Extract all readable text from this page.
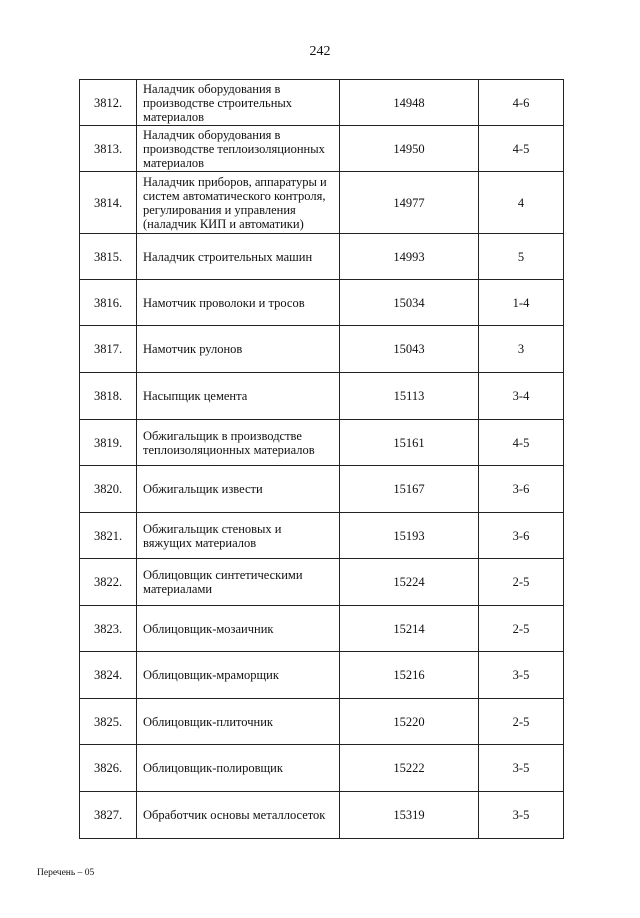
242
3812.	Наладчик оборудования в производстве строительных материалов	14948	4-6
3813.	Наладчик оборудования в производстве теплоизоляционных материалов	14950	4-5
3814.	Наладчик приборов, аппаратуры и систем автоматического контроля, регулирования и управления (наладчик КИП и автоматики)	14977	4
3815.	Наладчик строительных машин	14993	5
3816.	Намотчик проволоки и тросов	15034	1-4
3817.	Намотчик рулонов	15043	3
3818.	Насыпщик цемента	15113	3-4
3819.	Обжигальщик в производстве теплоизоляционных материалов	15161	4-5
3820.	Обжигальщик извести	15167	3-6
3821.	Обжигальщик стеновых и вяжущих материалов	15193	3-6
3822.	Облицовщик синтетическими материалами	15224	2-5
3823.	Облицовщик-мозаичник	15214	2-5
3824.	Облицовщик-мраморщик	15216	3-5
3825.	Облицовщик-плиточник	15220	2-5
3826.	Облицовщик-полировщик	15222	3-5
3827.	Обработчик основы металлосеток	15319	3-5
Перечень – 05
